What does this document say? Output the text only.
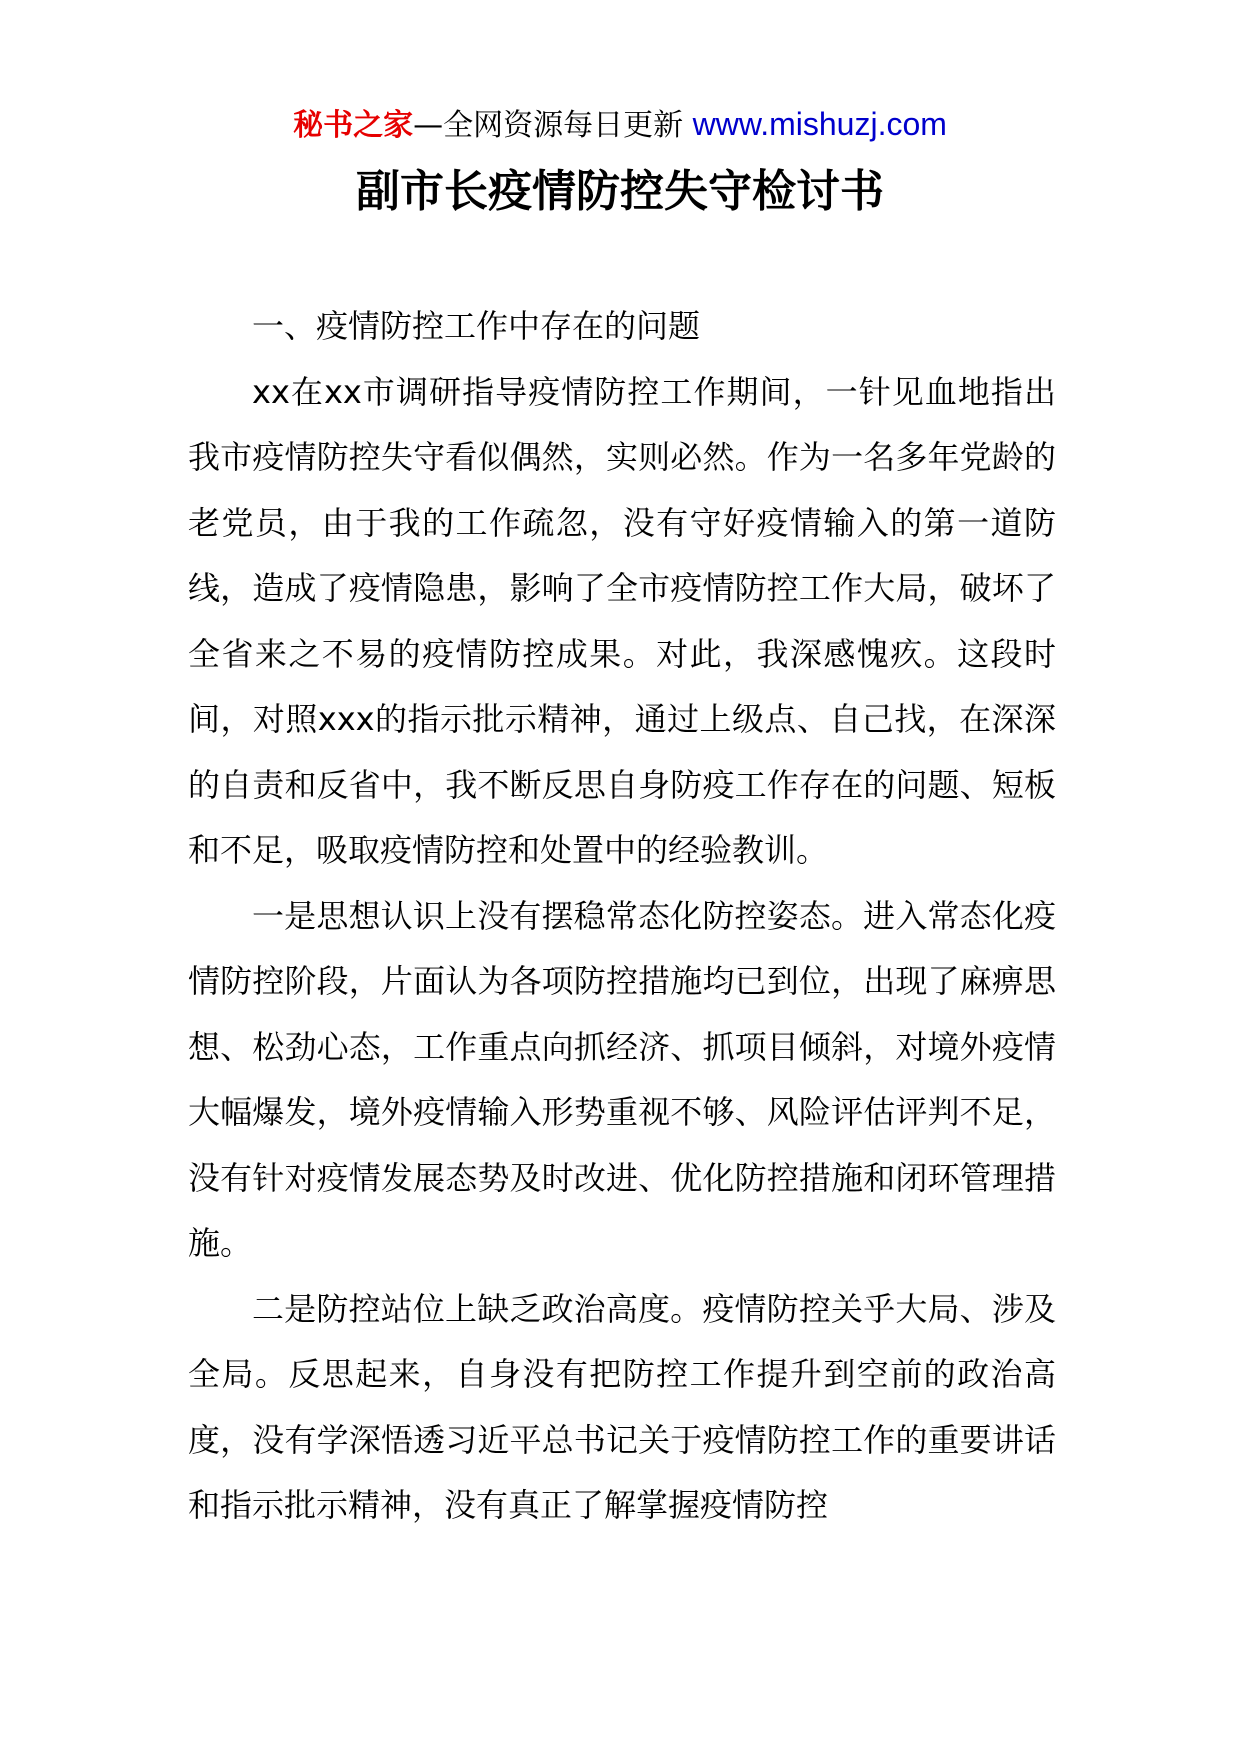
秘书之家—全网资源每日更新 www.mishuzj.com
副市长疫情防控失守检讨书

一、疫情防控工作中存在的问题

xx在xx市调研指导疫情防控工作期间，一针见血地指出我市疫情防控失守看似偶然，实则必然。作为一名多年党龄的老党员，由于我的工作疏忽，没有守好疫情输入的第一道防线，造成了疫情隐患，影响了全市疫情防控工作大局，破坏了全省来之不易的疫情防控成果。对此，我深感愧疚。这段时间，对照xxx的指示批示精神，通过上级点、自己找，在深深的自责和反省中，我不断反思自身防疫工作存在的问题、短板和不足，吸取疫情防控和处置中的经验教训。

一是思想认识上没有摆稳常态化防控姿态。进入常态化疫情防控阶段，片面认为各项防控措施均已到位，出现了麻痹思想、松劲心态，工作重点向抓经济、抓项目倾斜，对境外疫情大幅爆发，境外疫情输入形势重视不够、风险评估评判不足，没有针对疫情发展态势及时改进、优化防控措施和闭环管理措施。

二是防控站位上缺乏政治高度。疫情防控关乎大局、涉及全局。反思起来，自身没有把防控工作提升到空前的政治高度，没有学深悟透习近平总书记关于疫情防控工作的重要讲话和指示批示精神，没有真正了解掌握疫情防控
